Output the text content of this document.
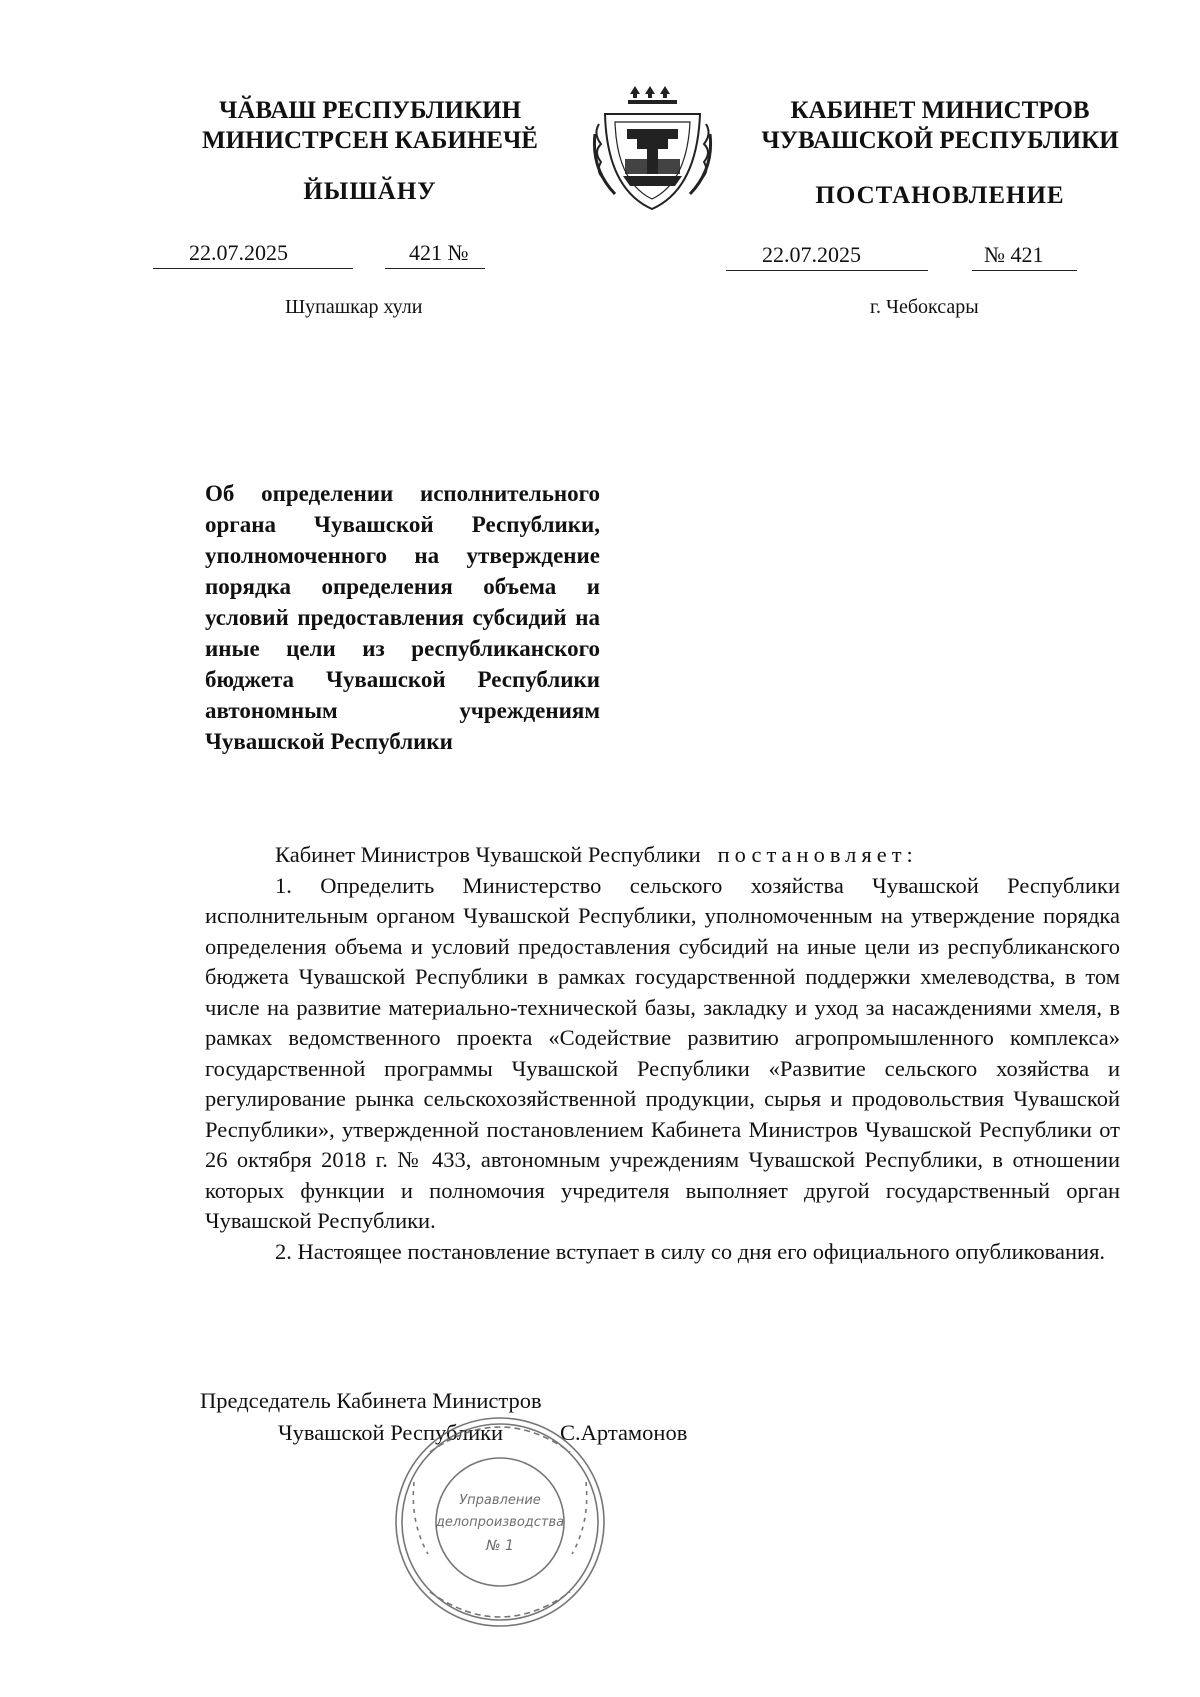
ЧӐВАШ РЕСПУБЛИКИН
МИНИСТРСЕН КАБИНЕЧӖ
ЙЫШӐНУ
КАБИНЕТ МИНИСТРОВ
ЧУВАШСКОЙ РЕСПУБЛИКИ
ПОСТАНОВЛЕНИЕ
22.07.2025	421 №	22.07.2025	№ 421
Шупашкар хули	г. Чебоксары
Об определении исполнительного органа Чувашской Республики, уполномоченного на утверждение порядка определения объема и условий предоставления субсидий на иные цели из республиканского бюджета Чувашской Республики автономным учреждениям Чувашской Республики

Кабинет Министров Чувашской Республики постановляет:

1. Определить Министерство сельского хозяйства Чувашской Республики исполнительным органом Чувашской Республики, уполномоченным на утверждение порядка определения объема и условий предоставления субсидий на иные цели из республиканского бюджета Чувашской Республики в рамках государственной поддержки хмелеводства, в том числе на развитие материально-технической базы, закладку и уход за насаждениями хмеля, в рамках ведомственного проекта «Содействие развитию агропромышленного комплекса» государственной программы Чувашской Республики «Развитие сельского хозяйства и регулирование рынка сельскохозяйственной продукции, сырья и продовольствия Чувашской Республики», утвержденной постановлением Кабинета Министров Чувашской Республики от 26 октября 2018 г. № 433, автономным учреждениям Чувашской Республики, в отношении которых функции и полномочия учредителя выполняет другой государственный орган Чувашской Республики.

2. Настоящее постановление вступает в силу со дня его официального опубликования.

Председатель Кабинета Министров
Чувашской Республики	С.Артамонов
Управление
делопроизводства
№ 1
